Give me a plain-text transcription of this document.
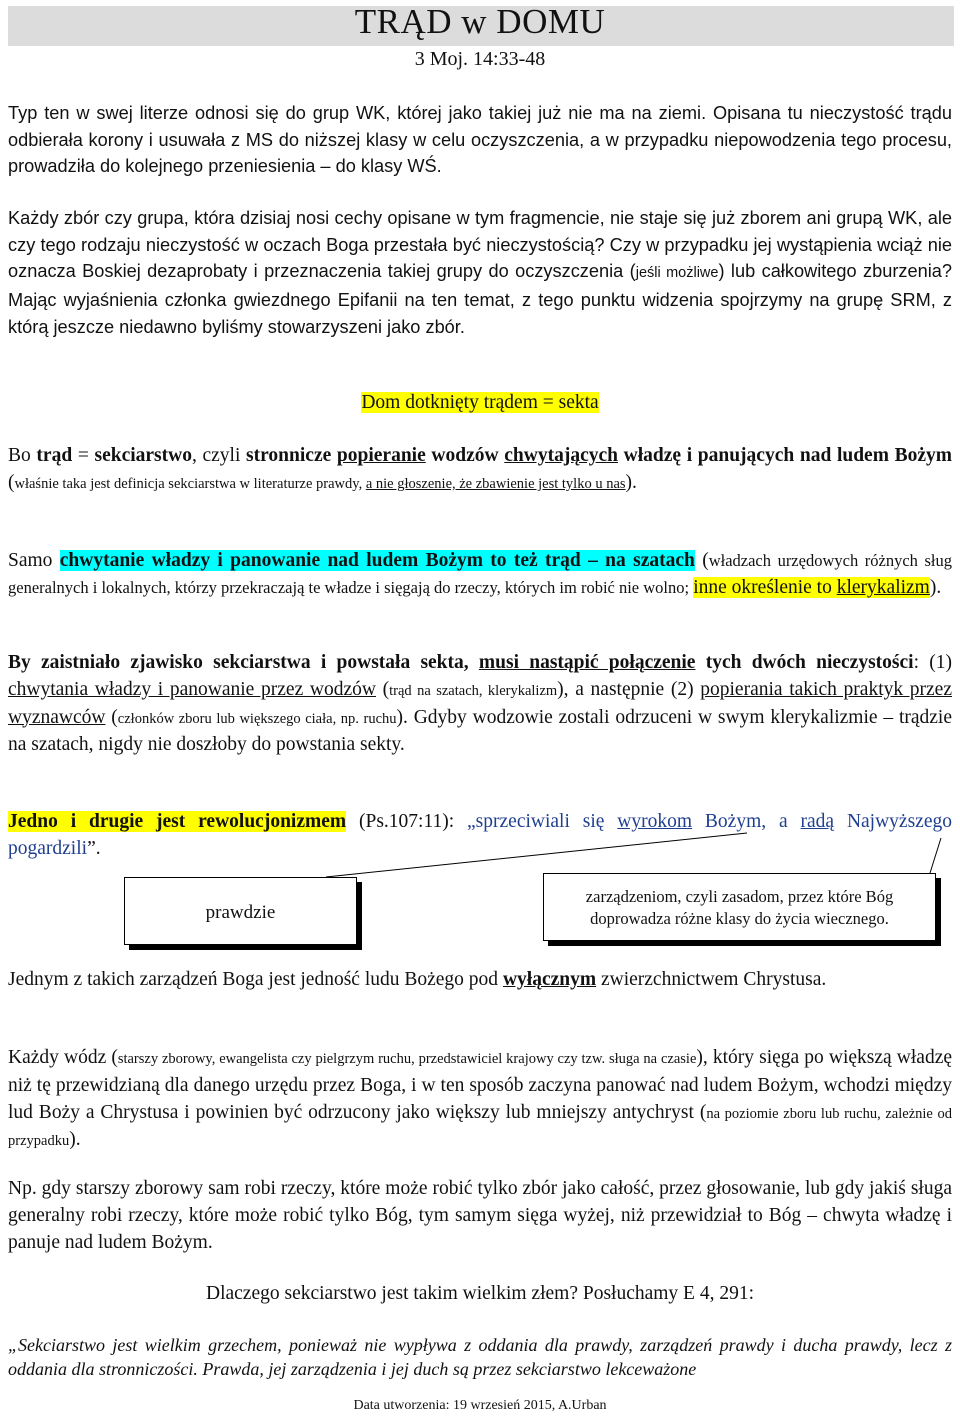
TRĄD w DOMU
3 Moj. 14:33-48
Typ ten w swej literze odnosi się do grup WK, której jako takiej już nie ma na ziemi. Opisana tu nieczystość trądu odbierała korony i usuwała z MS do niższej klasy w celu oczyszczenia, a w przypadku niepowodzenia tego procesu, prowadziła do kolejnego przeniesienia – do klasy WŚ.
Każdy zbór czy grupa, która dzisiaj nosi cechy opisane w tym fragmencie, nie staje się już zborem ani grupą WK, ale czy tego rodzaju nieczystość w oczach Boga przestała być nieczystością? Czy w przypadku jej wystąpienia wciąż nie oznacza Boskiej dezaprobaty i przeznaczenia takiej grupy do oczyszczenia (jeśli możliwe) lub całkowitego zburzenia? Mając wyjaśnienia członka gwiezdnego Epifanii na ten temat, z tego punktu widzenia spojrzymy na grupę SRM, z którą jeszcze niedawno byliśmy stowarzyszeni jako zbór.
Dom dotknięty trądem = sekta
Bo trąd = sekciarstwo, czyli stronnicze popieranie wodzów chwytających władzę i panujących nad ludem Bożym (właśnie taka jest definicja sekciarstwa w literaturze prawdy, a nie głoszenie, że zbawienie jest tylko u nas).
Samo chwytanie władzy i panowanie nad ludem Bożym to też trąd – na szatach (władzach urzędowych różnych sług generalnych i lokalnych, którzy przekraczają te władze i sięgają do rzeczy, których im robić nie wolno; inne określenie to klerykalizm).
By zaistniało zjawisko sekciarstwa i powstała sekta, musi nastąpić połączenie tych dwóch nieczystości: (1) chwytania władzy i panowanie przez wodzów (trąd na szatach, klerykalizm), a następnie (2) popierania takich praktyk przez wyznawców (członków zboru lub większego ciała, np. ruchu). Gdyby wodzowie zostali odrzuceni w swym klerykalizmie – trądzie na szatach, nigdy nie doszłoby do powstania sekty.
Jedno i drugie jest rewolucjonizmem (Ps.107:11): „sprzeciwiali się wyrokom Bożym, a radą Najwyższego pogardzili”.
prawdzie
zarządzeniom, czyli zasadom, przez które Bóg doprowadza różne klasy do życia wiecznego.
Jednym z takich zarządzeń Boga jest jedność ludu Bożego pod wyłącznym zwierzchnictwem Chrystusa.
Każdy wódz (starszy zborowy, ewangelista czy pielgrzym ruchu, przedstawiciel krajowy czy tzw. sługa na czasie), który sięga po większą władzę niż tę przewidzianą dla danego urzędu przez Boga, i w ten sposób zaczyna panować nad ludem Bożym, wchodzi między lud Boży a Chrystusa i powinien być odrzucony jako większy lub mniejszy antychryst (na poziomie zboru lub ruchu, zależnie od przypadku).
Np. gdy starszy zborowy sam robi rzeczy, które może robić tylko zbór jako całość, przez głosowanie, lub gdy jakiś sługa generalny robi rzeczy, które może robić tylko Bóg, tym samym sięga wyżej, niż przewidział to Bóg – chwyta władzę i panuje nad ludem Bożym.
Dlaczego sekciarstwo jest takim wielkim złem? Posłuchamy E 4, 291:
„Sekciarstwo jest wielkim grzechem, ponieważ nie wypływa z oddania dla prawdy, zarządzeń prawdy i ducha prawdy, lecz z oddania dla stronniczości. Prawda, jej zarządzenia i jej duch są przez sekciarstwo lekceważone
Data utworzenia: 19 wrzesień 2015, A.Urban
